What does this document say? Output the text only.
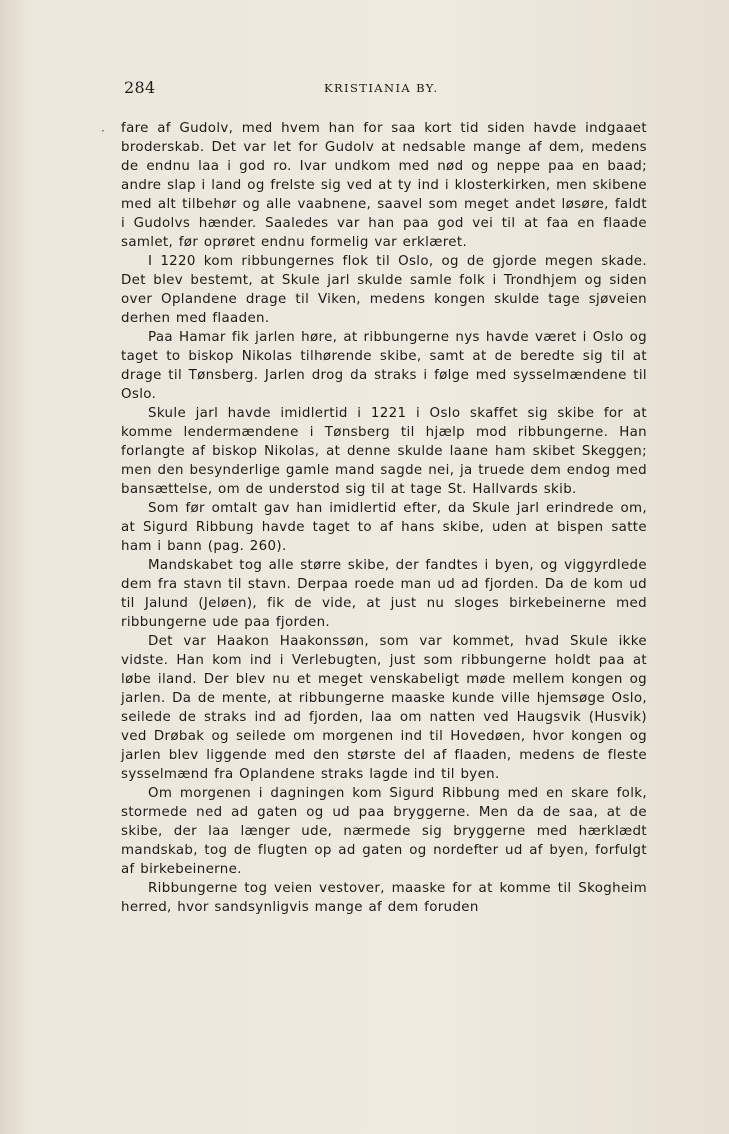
284	KRISTIANIA BY.
· fare af Gudolv, med hvem han for saa kort tid siden havde indgaaet broderskab. Det var let for Gudolv at nedsable mange af dem, medens de endnu laa i god ro. Ivar undkom med nød og neppe paa en baad; andre slap i land og frelste sig ved at ty ind i klosterkirken, men skibene med alt tilbehør og alle vaabnene, saavel som meget andet løsøre, faldt i Gudolvs hænder. Saaledes var han paa god vei til at faa en flaade samlet, før oprøret endnu formelig var erklæret.

I 1220 kom ribbungernes flok til Oslo, og de gjorde megen skade. Det blev bestemt, at Skule jarl skulde samle folk i Trondhjem og siden over Oplandene drage til Viken, medens kongen skulde tage sjøveien derhen med flaaden.

Paa Hamar fik jarlen høre, at ribbungerne nys havde været i Oslo og taget to biskop Nikolas tilhørende skibe, samt at de beredte sig til at drage til Tønsberg. Jarlen drog da straks i følge med sysselmændene til Oslo.

Skule jarl havde imidlertid i 1221 i Oslo skaffet sig skibe for at komme lendermændene i Tønsberg til hjælp mod ribbungerne. Han forlangte af biskop Nikolas, at denne skulde laane ham skibet Skeggen; men den besynderlige gamle mand sagde nei, ja truede dem endog med bansættelse, om de understod sig til at tage St. Hallvards skib.

Som før omtalt gav han imidlertid efter, da Skule jarl erindrede om, at Sigurd Ribbung havde taget to af hans skibe, uden at bispen satte ham i bann (pag. 260).

Mandskabet tog alle større skibe, der fandtes i byen, og viggyrdlede dem fra stavn til stavn. Derpaa roede man ud ad fjorden. Da de kom ud til Jalund (Jeløen), fik de vide, at just nu sloges birkebeinerne med ribbungerne ude paa fjorden.

Det var Haakon Haakonssøn, som var kommet, hvad Skule ikke vidste. Han kom ind i Verlebugten, just som ribbungerne holdt paa at løbe iland. Der blev nu et meget venskabeligt møde mellem kongen og jarlen. Da de mente, at ribbungerne maaske kunde ville hjemsøge Oslo, seilede de straks ind ad fjorden, laa om natten ved Haugsvik (Husvik) ved Drøbak og seilede om morgenen ind til Hovedøen, hvor kongen og jarlen blev liggende med den største del af flaaden, medens de fleste sysselmænd fra Oplandene straks lagde ind til byen.

Om morgenen i dagningen kom Sigurd Ribbung med en skare folk, stormede ned ad gaten og ud paa bryggerne. Men da de saa, at de skibe, der laa længer ude, nærmede sig bryggerne med hærklædt mandskab, tog de flugten op ad gaten og nordefter ud af byen, forfulgt af birkebeinerne.

Ribbungerne tog veien vestover, maaske for at komme til Skogheim herred, hvor sandsynligvis mange af dem foruden
